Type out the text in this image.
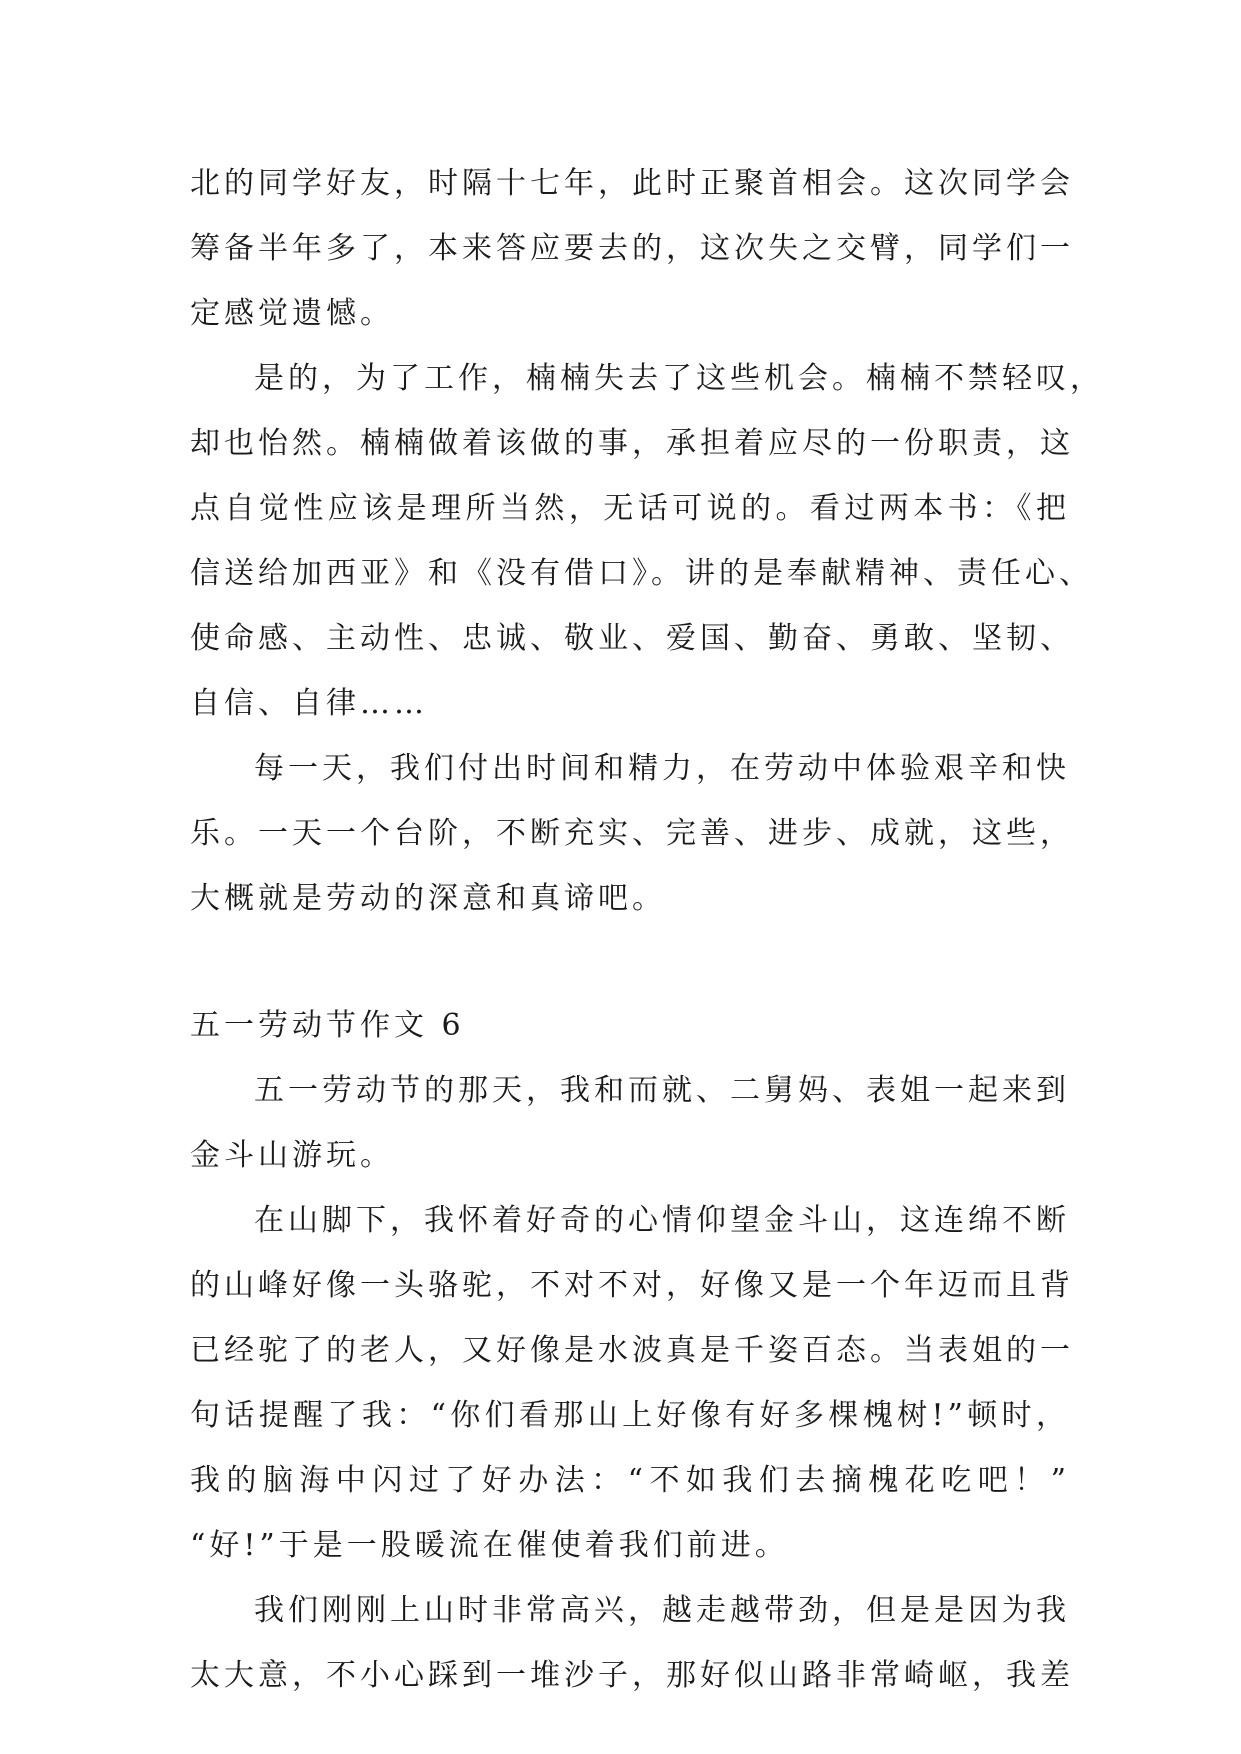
北的同学好友，时隔十七年，此时正聚首相会。这次同学会
筹备半年多了，本来答应要去的，这次失之交臂，同学们一
定感觉遗憾。
是的，为了工作，楠楠失去了这些机会。楠楠不禁轻叹，
却也怡然。楠楠做着该做的事，承担着应尽的一份职责，这
点自觉性应该是理所当然，无话可说的。看过两本书：《把
信送给加西亚》和《没有借口》。讲的是奉献精神、责任心、
使命感、主动性、忠诚、敬业、爱国、勤奋、勇敢、坚韧、
自信、自律……
每一天，我们付出时间和精力，在劳动中体验艰辛和快
乐。一天一个台阶，不断充实、完善、进步、成就，这些，
大概就是劳动的深意和真谛吧。
五一劳动节作文 6
五一劳动节的那天，我和而就、二舅妈、表姐一起来到
金斗山游玩。
在山脚下，我怀着好奇的心情仰望金斗山，这连绵不断
的山峰好像一头骆驼，不对不对，好像又是一个年迈而且背
已经驼了的老人，又好像是水波真是千姿百态。当表姐的一
句话提醒了我：“你们看那山上好像有好多棵槐树!”顿时，
我的脑海中闪过了好办法：“不如我们去摘槐花吃吧！”
“好!”于是一股暖流在催使着我们前进。
我们刚刚上山时非常高兴，越走越带劲，但是是因为我
太大意，不小心踩到一堆沙子，那好似山路非常崎岖，我差
